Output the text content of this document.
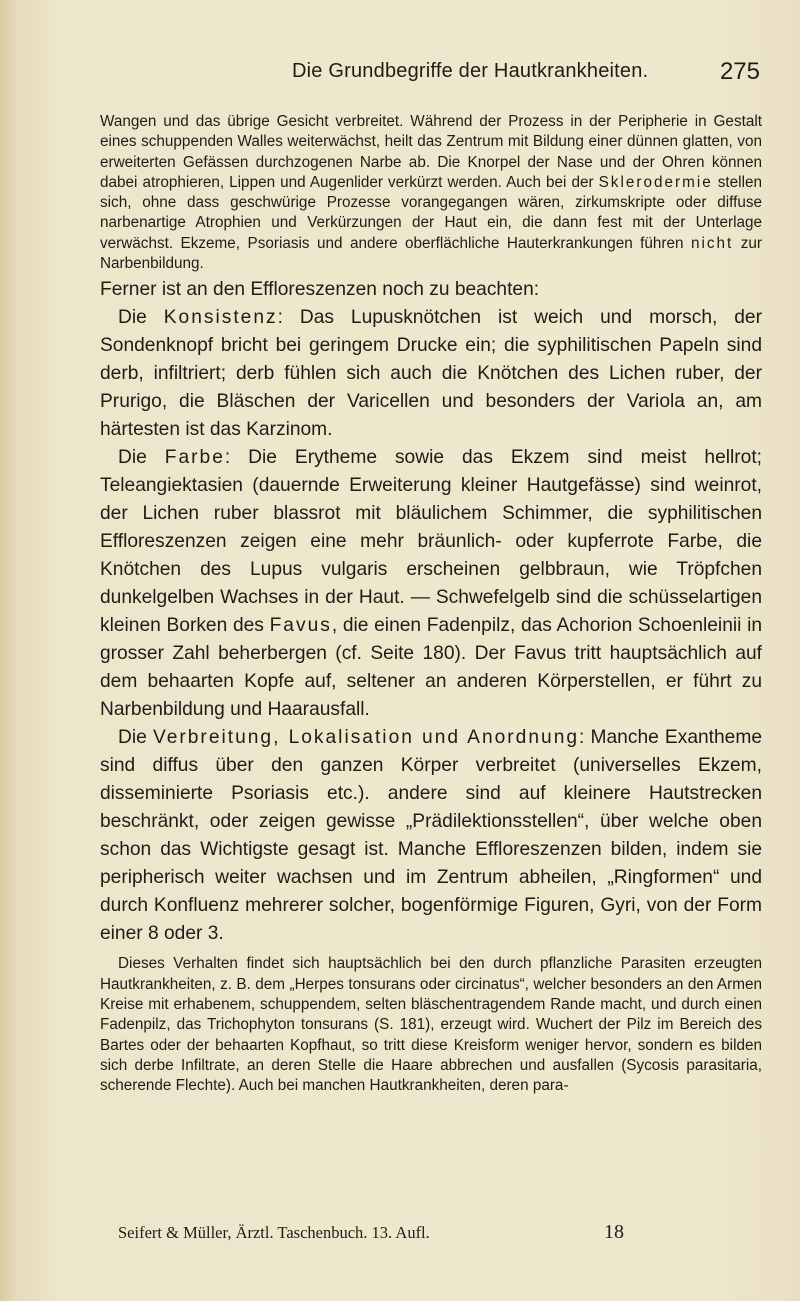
Die Grundbegriffe der Hautkrankheiten.	275

Wangen und das übrige Gesicht verbreitet. Während der Prozess in der Peripherie in Gestalt eines schuppenden Walles weiterwächst, heilt das Zentrum mit Bildung einer dünnen glatten, von erweiterten Gefässen durchzogenen Narbe ab. Die Knorpel der Nase und der Ohren können dabei atrophieren, Lippen und Augenlider verkürzt werden. Auch bei der Sklerodermie stellen sich, ohne dass geschwürige Prozesse vorangegangen wären, zirkumskripte oder diffuse narbenartige Atrophien und Verkürzungen der Haut ein, die dann fest mit der Unterlage verwächst. Ekzeme, Psoriasis und andere oberflächliche Hauterkrankungen führen nicht zur Narbenbildung.

Ferner ist an den Effloreszenzen noch zu beachten:

Die Konsistenz: Das Lupusknötchen ist weich und morsch, der Sondenknopf bricht bei geringem Drucke ein; die syphilitischen Papeln sind derb, infiltriert; derb fühlen sich auch die Knötchen des Lichen ruber, der Prurigo, die Bläschen der Varicellen und besonders der Variola an, am härtesten ist das Karzinom.

Die Farbe: Die Erytheme sowie das Ekzem sind meist hellrot; Teleangiektasien (dauernde Erweiterung kleiner Hautgefässe) sind weinrot, der Lichen ruber blassrot mit bläulichem Schimmer, die syphilitischen Effloreszenzen zeigen eine mehr bräunlich- oder kupferrote Farbe, die Knötchen des Lupus vulgaris erscheinen gelbbraun, wie Tröpfchen dunkelgelben Wachses in der Haut. — Schwefelgelb sind die schüsselartigen kleinen Borken des Favus, die einen Fadenpilz, das Achorion Schoenleinii in grosser Zahl beherbergen (cf. Seite 180). Der Favus tritt hauptsächlich auf dem behaarten Kopfe auf, seltener an anderen Körperstellen, er führt zu Narbenbildung und Haarausfall.

Die Verbreitung, Lokalisation und Anordnung: Manche Exantheme sind diffus über den ganzen Körper verbreitet (universelles Ekzem, disseminierte Psoriasis etc.). andere sind auf kleinere Hautstrecken beschränkt, oder zeigen gewisse „Prädilektionsstellen“, über welche oben schon das Wichtigste gesagt ist. Manche Effloreszenzen bilden, indem sie peripherisch weiter wachsen und im Zentrum abheilen, „Ringformen“ und durch Konfluenz mehrerer solcher, bogenförmige Figuren, Gyri, von der Form einer 8 oder 3.

Dieses Verhalten findet sich hauptsächlich bei den durch pflanzliche Parasiten erzeugten Hautkrankheiten, z. B. dem „Herpes tonsurans oder circinatus“, welcher besonders an den Armen Kreise mit erhabenem, schuppendem, selten bläschentragendem Rande macht, und durch einen Fadenpilz, das Trichophyton tonsurans (S. 181), erzeugt wird. Wuchert der Pilz im Bereich des Bartes oder der behaarten Kopfhaut, so tritt diese Kreisform weniger hervor, sondern es bilden sich derbe Infiltrate, an deren Stelle die Haare abbrechen und ausfallen (Sycosis parasitaria, scherende Flechte). Auch bei manchen Hautkrankheiten, deren para-

Seifert & Müller, Ärztl. Taschenbuch. 13. Aufl.	18
